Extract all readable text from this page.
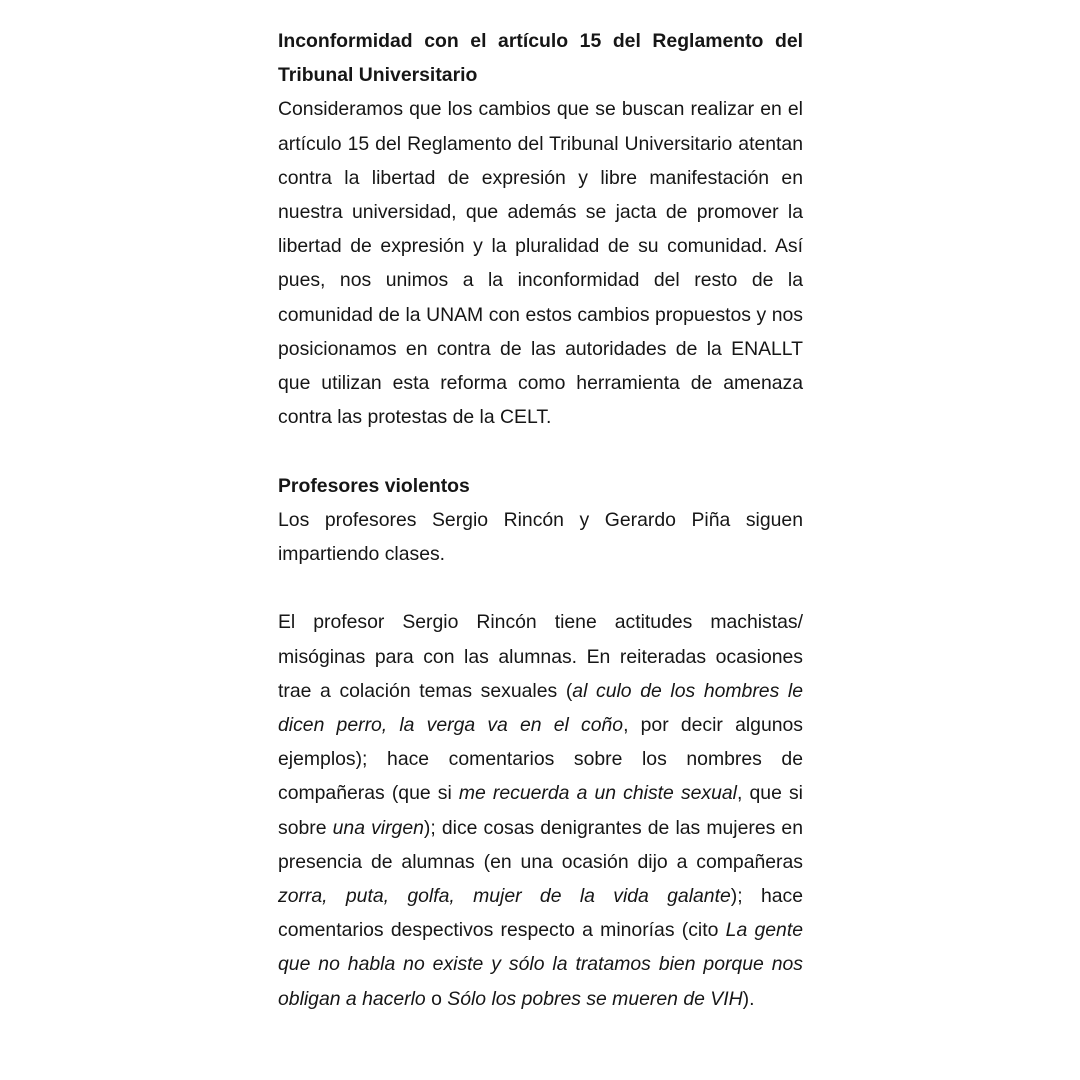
Inconformidad con el artículo 15 del Reglamento del Tribunal Universitario

Consideramos que los cambios que se buscan realizar en el artículo 15 del Reglamento del Tribunal Universitario atentan contra la libertad de expresión y libre manifestación en nuestra universidad, que además se jacta de promover la libertad de expresión y la pluralidad de su comunidad. Así pues, nos unimos a la inconformidad del resto de la comunidad de la UNAM con estos cambios propuestos y nos posicionamos en contra de las autoridades de la ENALLT que utilizan esta reforma como herramienta de amenaza contra las protestas de la CELT.

Profesores violentos

Los profesores Sergio Rincón y Gerardo Piña siguen impartiendo clases.

El profesor Sergio Rincón tiene actitudes machistas/ misóginas para con las alumnas. En reiteradas ocasiones trae a colación temas sexuales (al culo de los hombres le dicen perro, la verga va en el coño, por decir algunos ejemplos); hace comentarios sobre los nombres de compañeras (que si me recuerda a un chiste sexual, que si sobre una virgen); dice cosas denigrantes de las mujeres en presencia de alumnas (en una ocasión dijo a compañeras zorra, puta, golfa, mujer de la vida galante); hace comentarios despectivos respecto a minorías (cito La gente que no habla no existe y sólo la tratamos bien porque nos obligan a hacerlo o Sólo los pobres se mueren de VIH).
